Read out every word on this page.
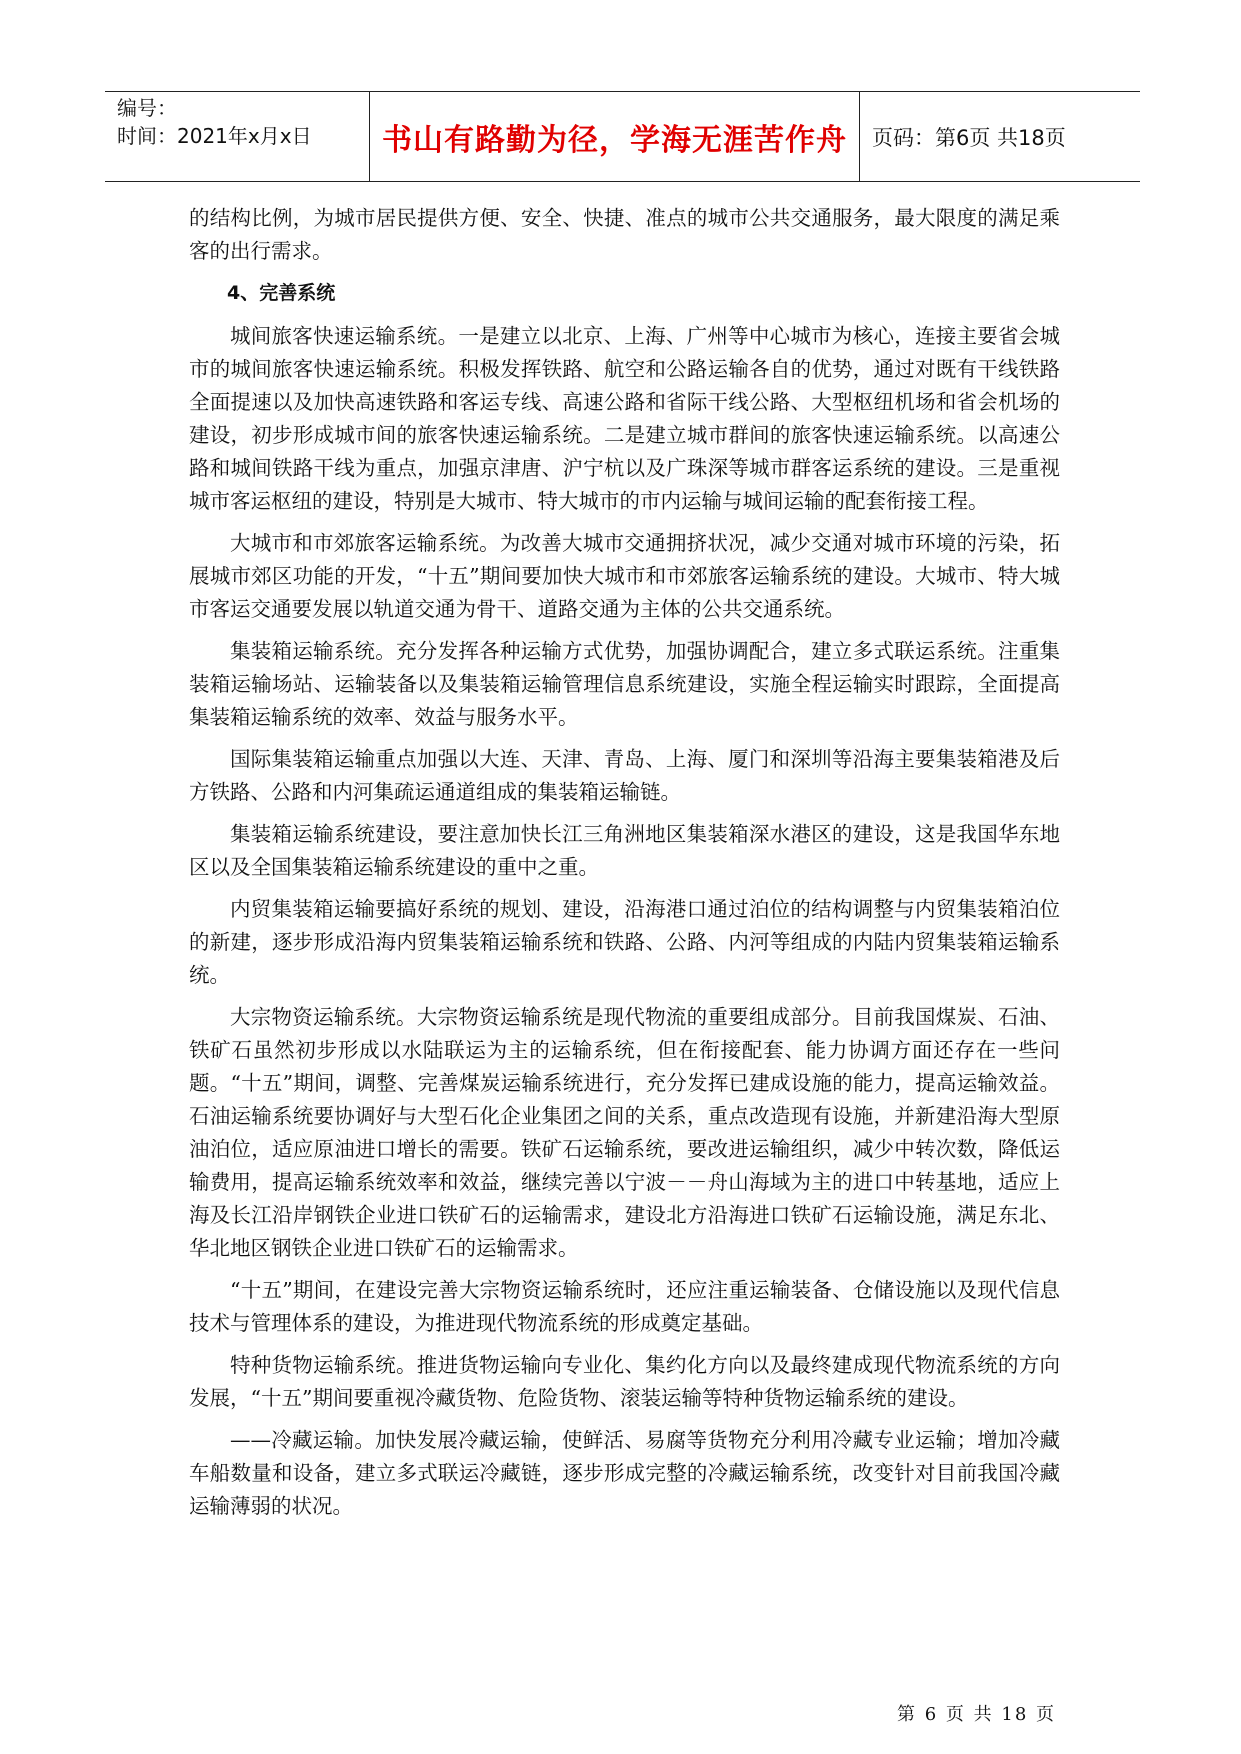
编号：
时间：2021年x月x日	书山有路勤为径，学海无涯苦作舟	页码：第6页 共18页

的结构比例，为城市居民提供方便、安全、快捷、准点的城市公共交通服务，最大限度的满足乘客的出行需求。

4、完善系统

城间旅客快速运输系统。一是建立以北京、上海、广州等中心城市为核心，连接主要省会城市的城间旅客快速运输系统。积极发挥铁路、航空和公路运输各自的优势，通过对既有干线铁路全面提速以及加快高速铁路和客运专线、高速公路和省际干线公路、大型枢纽机场和省会机场的建设，初步形成城市间的旅客快速运输系统。二是建立城市群间的旅客快速运输系统。以高速公路和城间铁路干线为重点，加强京津唐、沪宁杭以及广珠深等城市群客运系统的建设。三是重视城市客运枢纽的建设，特别是大城市、特大城市的市内运输与城间运输的配套衔接工程。

大城市和市郊旅客运输系统。为改善大城市交通拥挤状况，减少交通对城市环境的污染，拓展城市郊区功能的开发，“十五”期间要加快大城市和市郊旅客运输系统的建设。大城市、特大城市客运交通要发展以轨道交通为骨干、道路交通为主体的公共交通系统。

集装箱运输系统。充分发挥各种运输方式优势，加强协调配合，建立多式联运系统。注重集装箱运输场站、运输装备以及集装箱运输管理信息系统建设，实施全程运输实时跟踪，全面提高集装箱运输系统的效率、效益与服务水平。

国际集装箱运输重点加强以大连、天津、青岛、上海、厦门和深圳等沿海主要集装箱港及后方铁路、公路和内河集疏运通道组成的集装箱运输链。

集装箱运输系统建设，要注意加快长江三角洲地区集装箱深水港区的建设，这是我国华东地区以及全国集装箱运输系统建设的重中之重。

内贸集装箱运输要搞好系统的规划、建设，沿海港口通过泊位的结构调整与内贸集装箱泊位的新建，逐步形成沿海内贸集装箱运输系统和铁路、公路、内河等组成的内陆内贸集装箱运输系统。

大宗物资运输系统。大宗物资运输系统是现代物流的重要组成部分。目前我国煤炭、石油、铁矿石虽然初步形成以水陆联运为主的运输系统，但在衔接配套、能力协调方面还存在一些问题。“十五”期间，调整、完善煤炭运输系统进行，充分发挥已建成设施的能力，提高运输效益。石油运输系统要协调好与大型石化企业集团之间的关系，重点改造现有设施，并新建沿海大型原油泊位，适应原油进口增长的需要。铁矿石运输系统，要改进运输组织，减少中转次数，降低运输费用，提高运输系统效率和效益，继续完善以宁波－－舟山海域为主的进口中转基地，适应上海及长江沿岸钢铁企业进口铁矿石的运输需求，建设北方沿海进口铁矿石运输设施，满足东北、华北地区钢铁企业进口铁矿石的运输需求。

“十五”期间，在建设完善大宗物资运输系统时，还应注重运输装备、仓储设施以及现代信息技术与管理体系的建设，为推进现代物流系统的形成奠定基础。

特种货物运输系统。推进货物运输向专业化、集约化方向以及最终建成现代物流系统的方向发展，“十五”期间要重视冷藏货物、危险货物、滚装运输等特种货物运输系统的建设。

——冷藏运输。加快发展冷藏运输，使鲜活、易腐等货物充分利用冷藏专业运输；增加冷藏车船数量和设备，建立多式联运冷藏链，逐步形成完整的冷藏运输系统，改变针对目前我国冷藏运输薄弱的状况。

第 6 页 共 18 页
